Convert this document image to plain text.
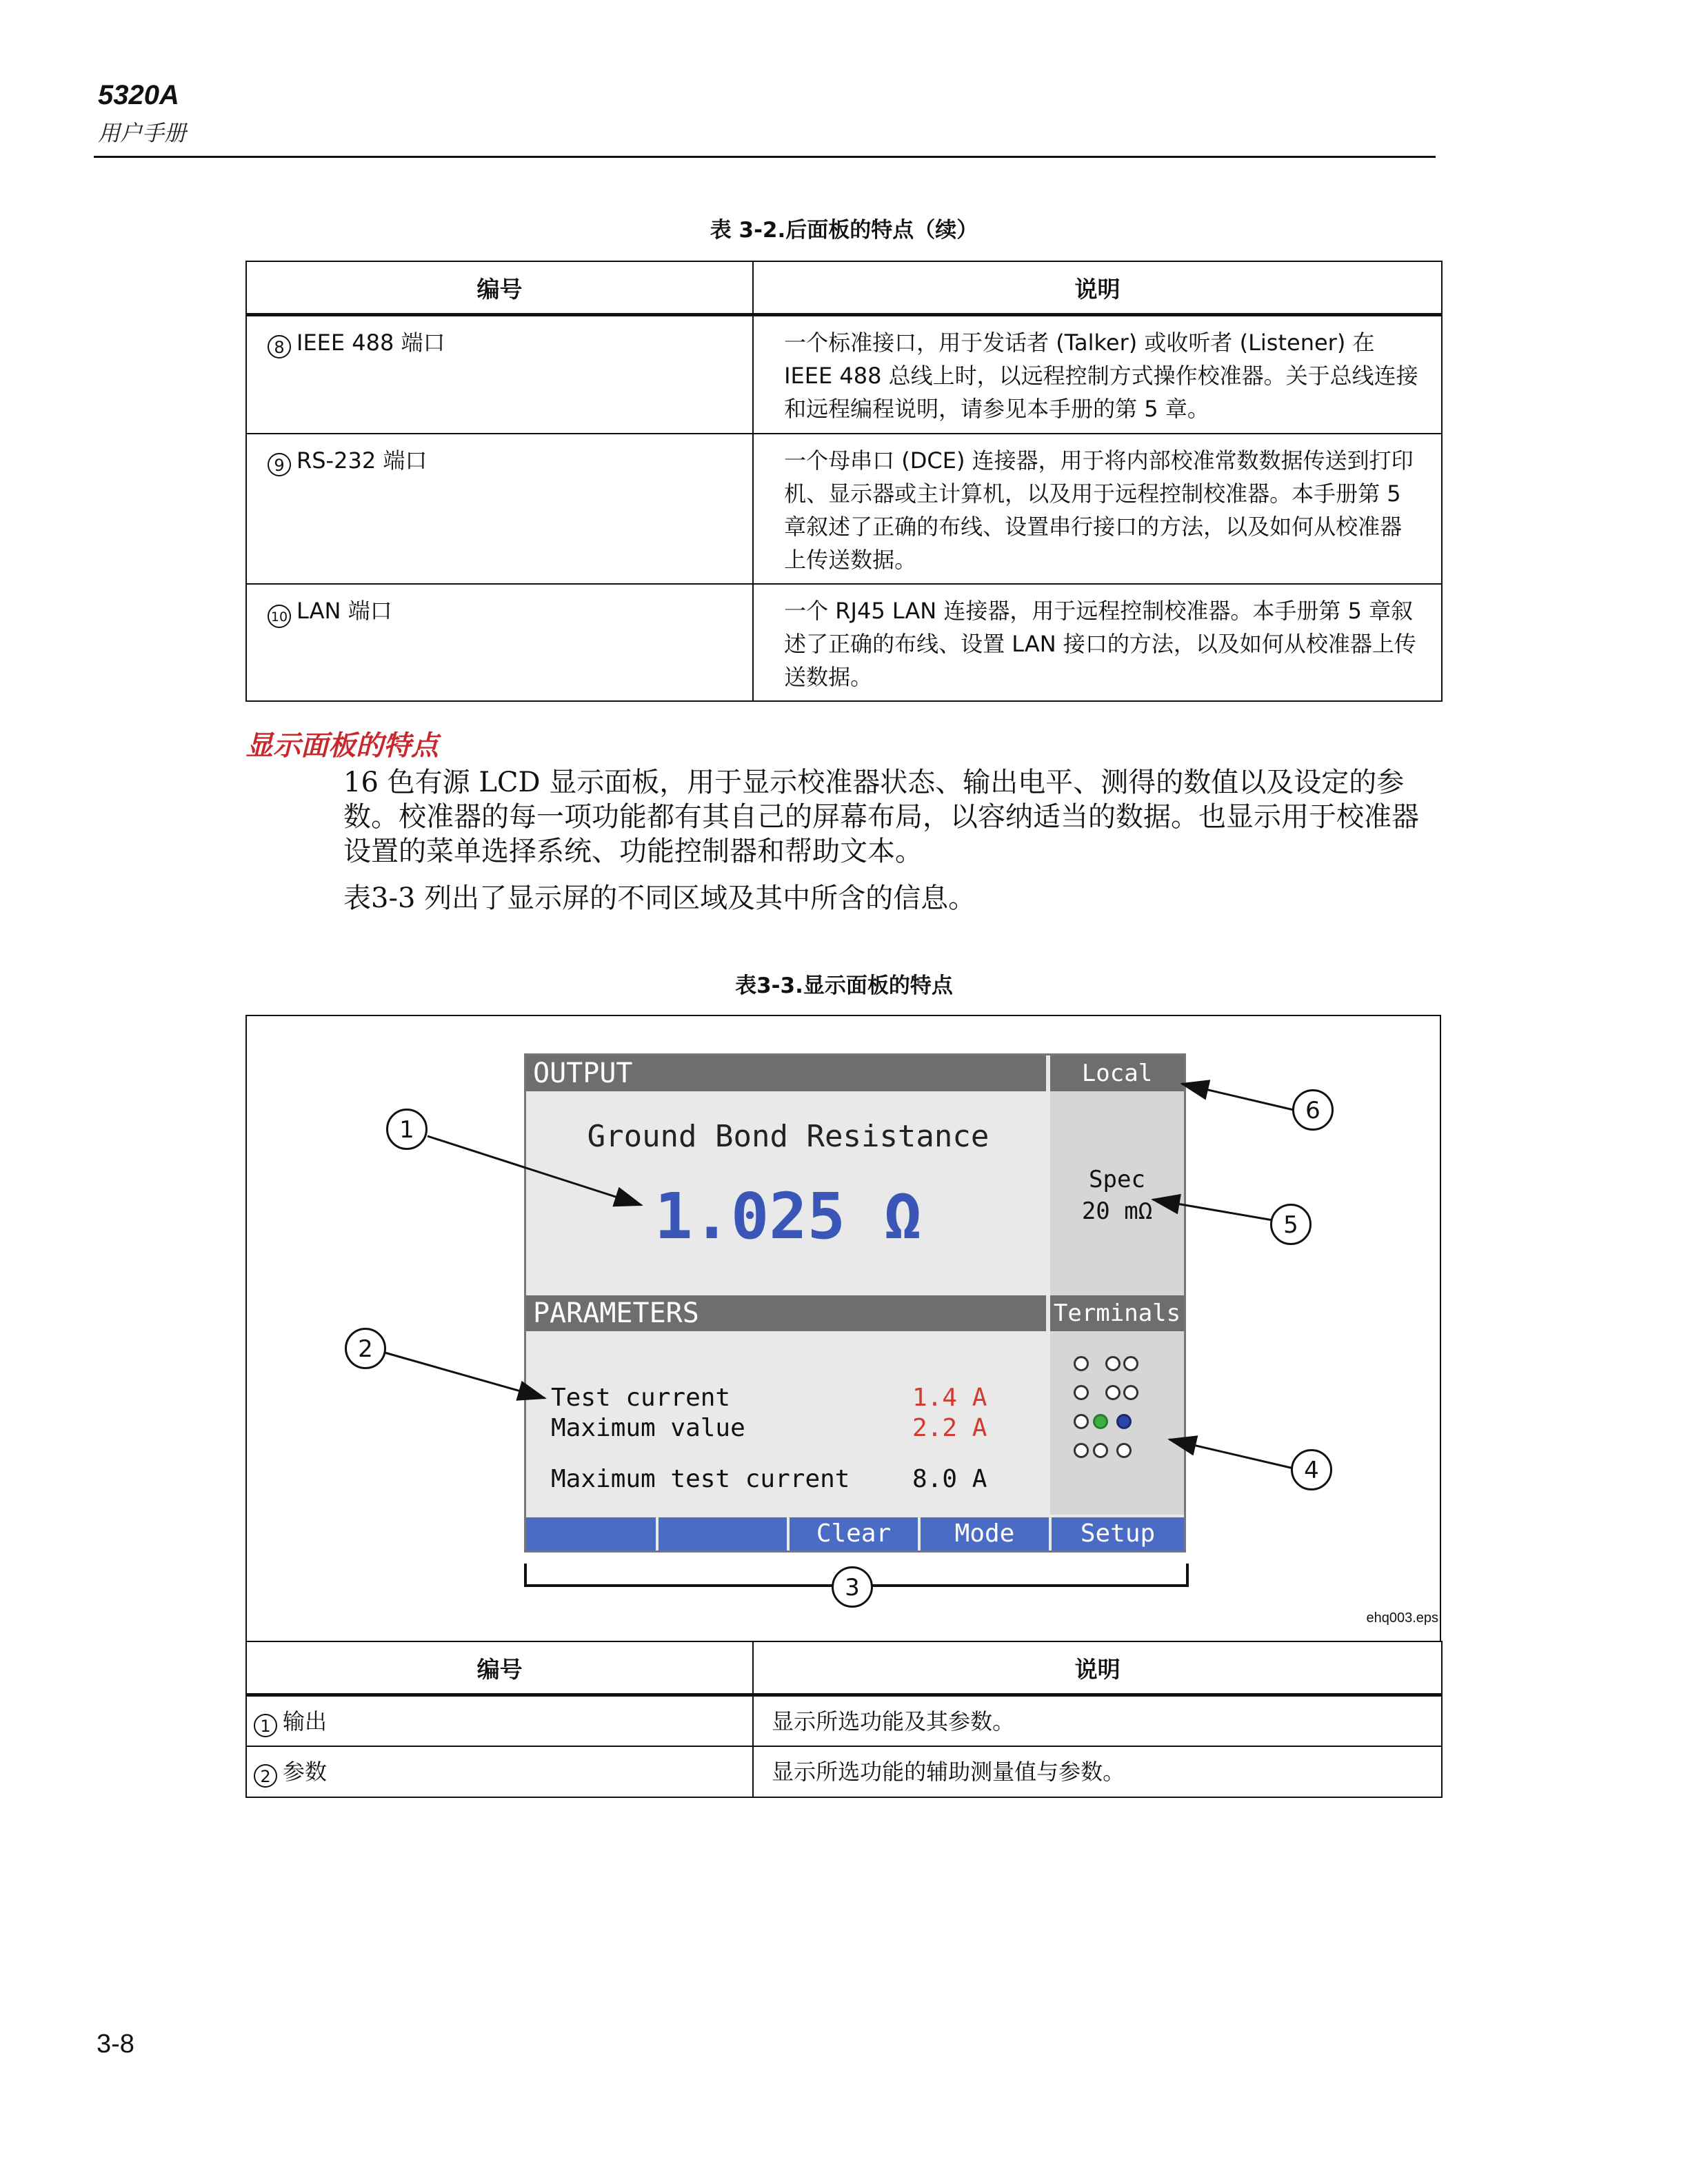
5320A
用户手册
表 3-2.后面板的特点（续）
编号	说明
8 IEEE 488 端口	一个标准接口，用于发话者 (Talker) 或收听者 (Listener) 在 IEEE 488 总线上时，以远程控制方式操作校准器。关于总线连接和远程编程说明，请参见本手册的第 5 章。
9 RS-232 端口	一个母串口 (DCE) 连接器，用于将内部校准常数数据传送到打印机、显示器或主计算机，以及用于远程控制校准器。本手册第 5 章叙述了正确的布线、设置串行接口的方法，以及如何从校准器上传送数据。
10 LAN 端口	一个 RJ45 LAN 连接器，用于远程控制校准器。本手册第 5 章叙述了正确的布线、设置 LAN 接口的方法，以及如何从校准器上传送数据。
显示面板的特点
16 色有源 LCD 显示面板，用于显示校准器状态、输出电平、测得的数值以及设定的参数。校准器的每一项功能都有其自己的屏幕布局，以容纳适当的数据。也显示用于校准器设置的菜单选择系统、功能控制器和帮助文本。
表3-3 列出了显示屏的不同区域及其中所含的信息。
表3-3.显示面板的特点
OUTPUT	Local
Ground Bond Resistance
1.025 Ω	Spec
20 mΩ
PARAMETERS	Terminals
Test current	1.4 A
Maximum value	2.2 A
Maximum test current	8.0 A
Clear	Mode	Setup
1
2
3
4
5
6
ehq003.eps
编号	说明
1 输出	显示所选功能及其参数。
2 参数	显示所选功能的辅助测量值与参数。
3-8
